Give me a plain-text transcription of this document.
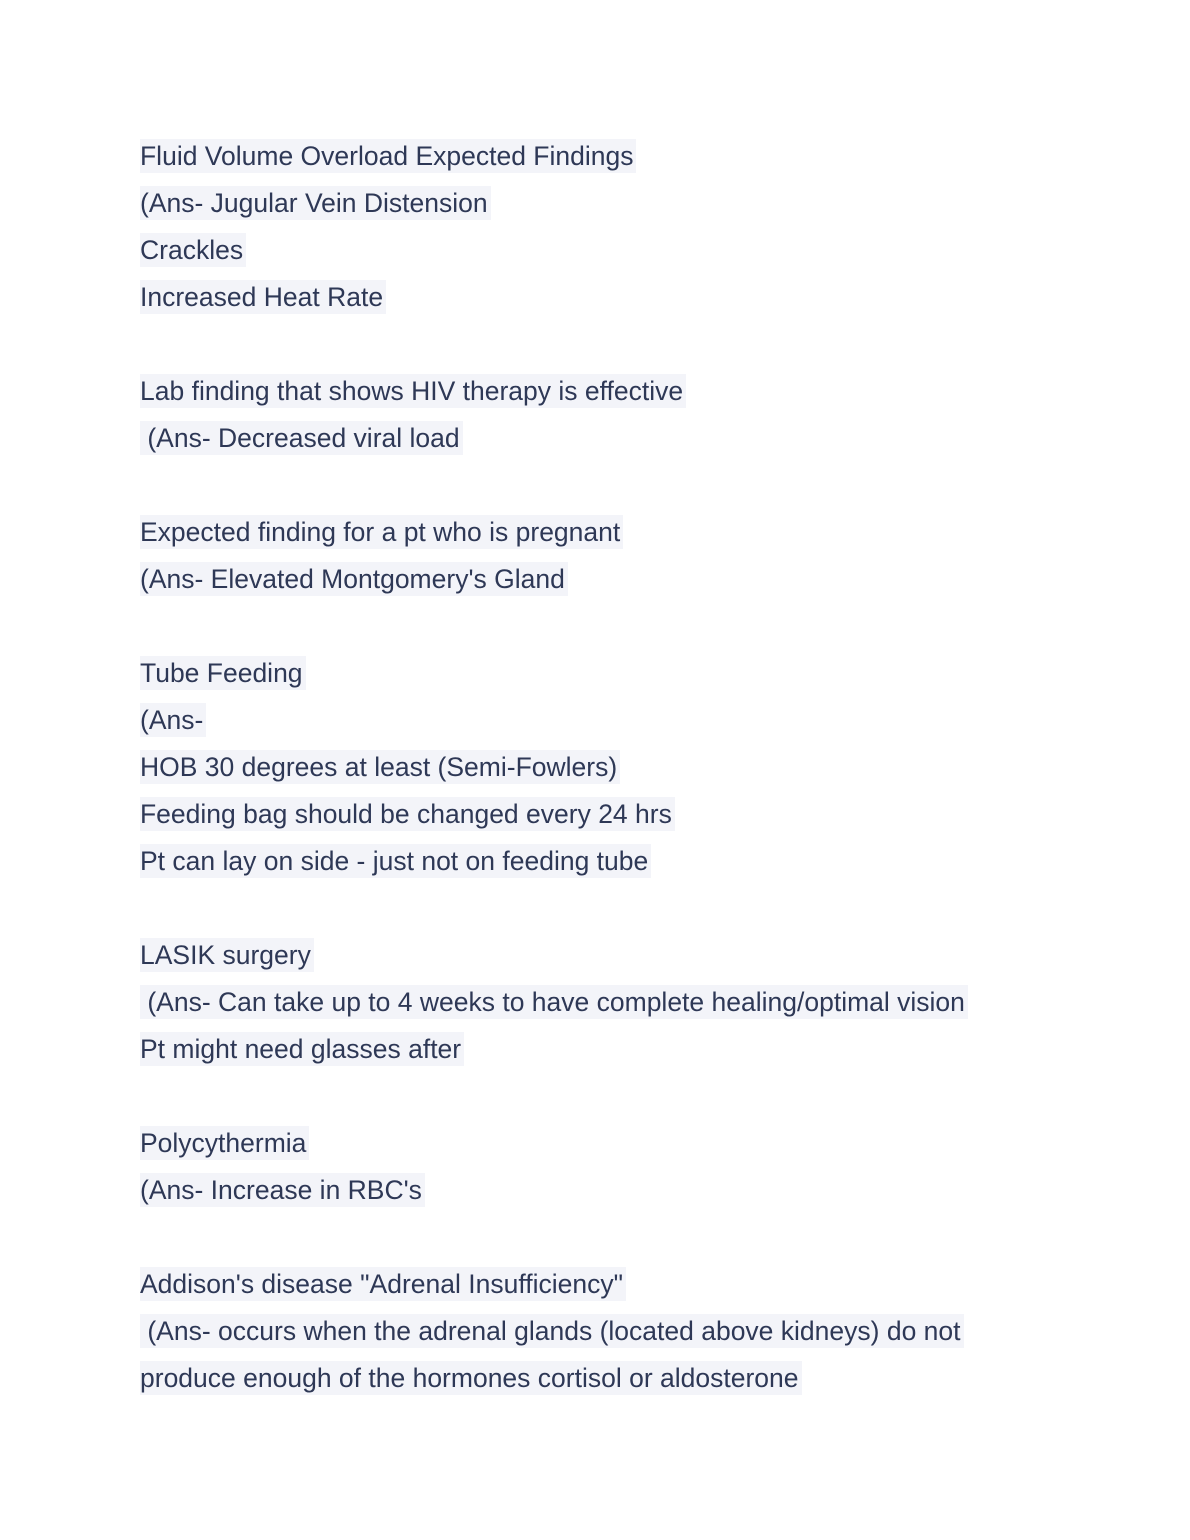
Fluid Volume Overload Expected Findings
(Ans- Jugular Vein Distension
Crackles
Increased Heat Rate
Lab finding that shows HIV therapy is effective
(Ans- Decreased viral load
Expected finding for a pt who is pregnant
(Ans- Elevated Montgomery's Gland
Tube Feeding
(Ans-
HOB 30 degrees at least (Semi-Fowlers)
Feeding bag should be changed every 24 hrs
Pt can lay on side - just not on feeding tube
LASIK surgery
(Ans- Can take up to 4 weeks to have complete healing/optimal vision
Pt might need glasses after
Polycythermia
(Ans- Increase in RBC's
Addison's disease "Adrenal Insufficiency"
(Ans- occurs when the adrenal glands (located above kidneys) do not
produce enough of the hormones cortisol or aldosterone
